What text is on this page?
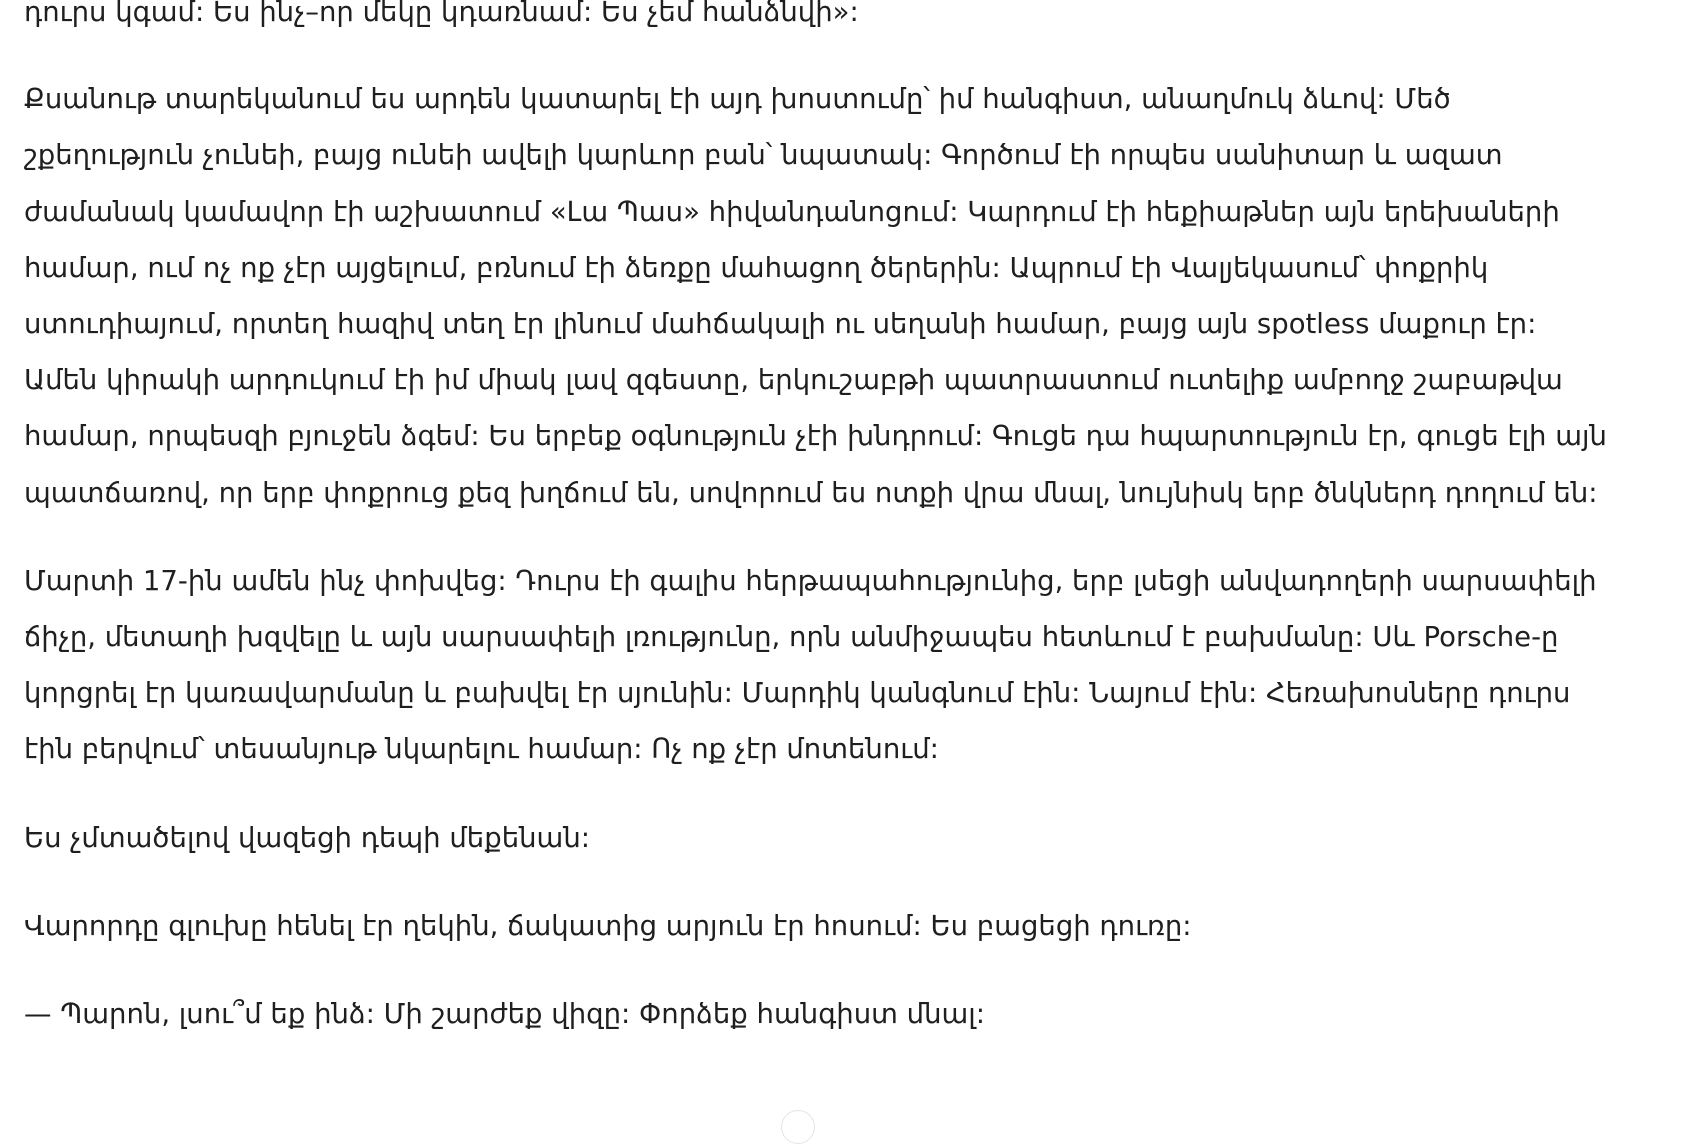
դուրս կգամ: Ես ինչ–որ մեկը կդառնամ: Ես չեմ հանձնվի»:

Քսանութ տարեկանում ես արդեն կատարել էի այդ խոստումը՝ իմ հանգիստ, անաղմուկ ձևով: Մեծ շքեղություն չունեի, բայց ունեի ավելի կարևոր բան՝ նպատակ: Գործում էի որպես սանիտար և ազատ ժամանակ կամավոր էի աշխատում «Լա Պաս» հիվանդանոցում: Կարդում էի հեքիաթներ այն երեխաների համար, ում ոչ ոք չէր այցելում, բռնում էի ձեռքը մահացող ծերերին: Ապրում էի Վալյեկասում՝ փոքրիկ ստուդիայում, որտեղ հազիվ տեղ էր լինում մահճակալի ու սեղանի համար, բայց այն spotless մաքուր էր: Ամեն կիրակի արդուկում էի իմ միակ լավ զգեստը, երկուշաբթի պատրաստում ուտելիք ամբողջ շաբաթվա համար, որպեսզի բյուջեն ձգեմ: Ես երբեք օգնություն չէի խնդրում: Գուցե դա հպարտություն էր, գուցե էլի այն պատճառով, որ երբ փոքրուց քեզ խղճում են, սովորում ես ոտքի վրա մնալ, նույնիսկ երբ ծնկներդ դողում են:

Մարտի 17-ին ամեն ինչ փոխվեց: Դուրս էի գալիս հերթապահությունից, երբ լսեցի անվադողերի սարսափելի ճիչը, մետաղի խզվելը և այն սարսափելի լռությունը, որն անմիջապես հետևում է բախմանը: Սև Porsche-ը կորցրել էր կառավարմանը և բախվել էր սյունին: Մարդիկ կանգնում էին: Նայում էին: Հեռախոսները դուրս էին բերվում՝ տեսանյութ նկարելու համար: Ոչ ոք չէր մոտենում:

Ես չմտածելով վազեցի դեպի մեքենան:

Վարորդը գլուխը հենել էր ղեկին, ճակատից արյուն էր հոսում: Ես բացեցի դուռը:

— Պարոն, լսու՞մ եք ինձ: Մի շարժեք վիզը: Փորձեք հանգիստ մնալ:
